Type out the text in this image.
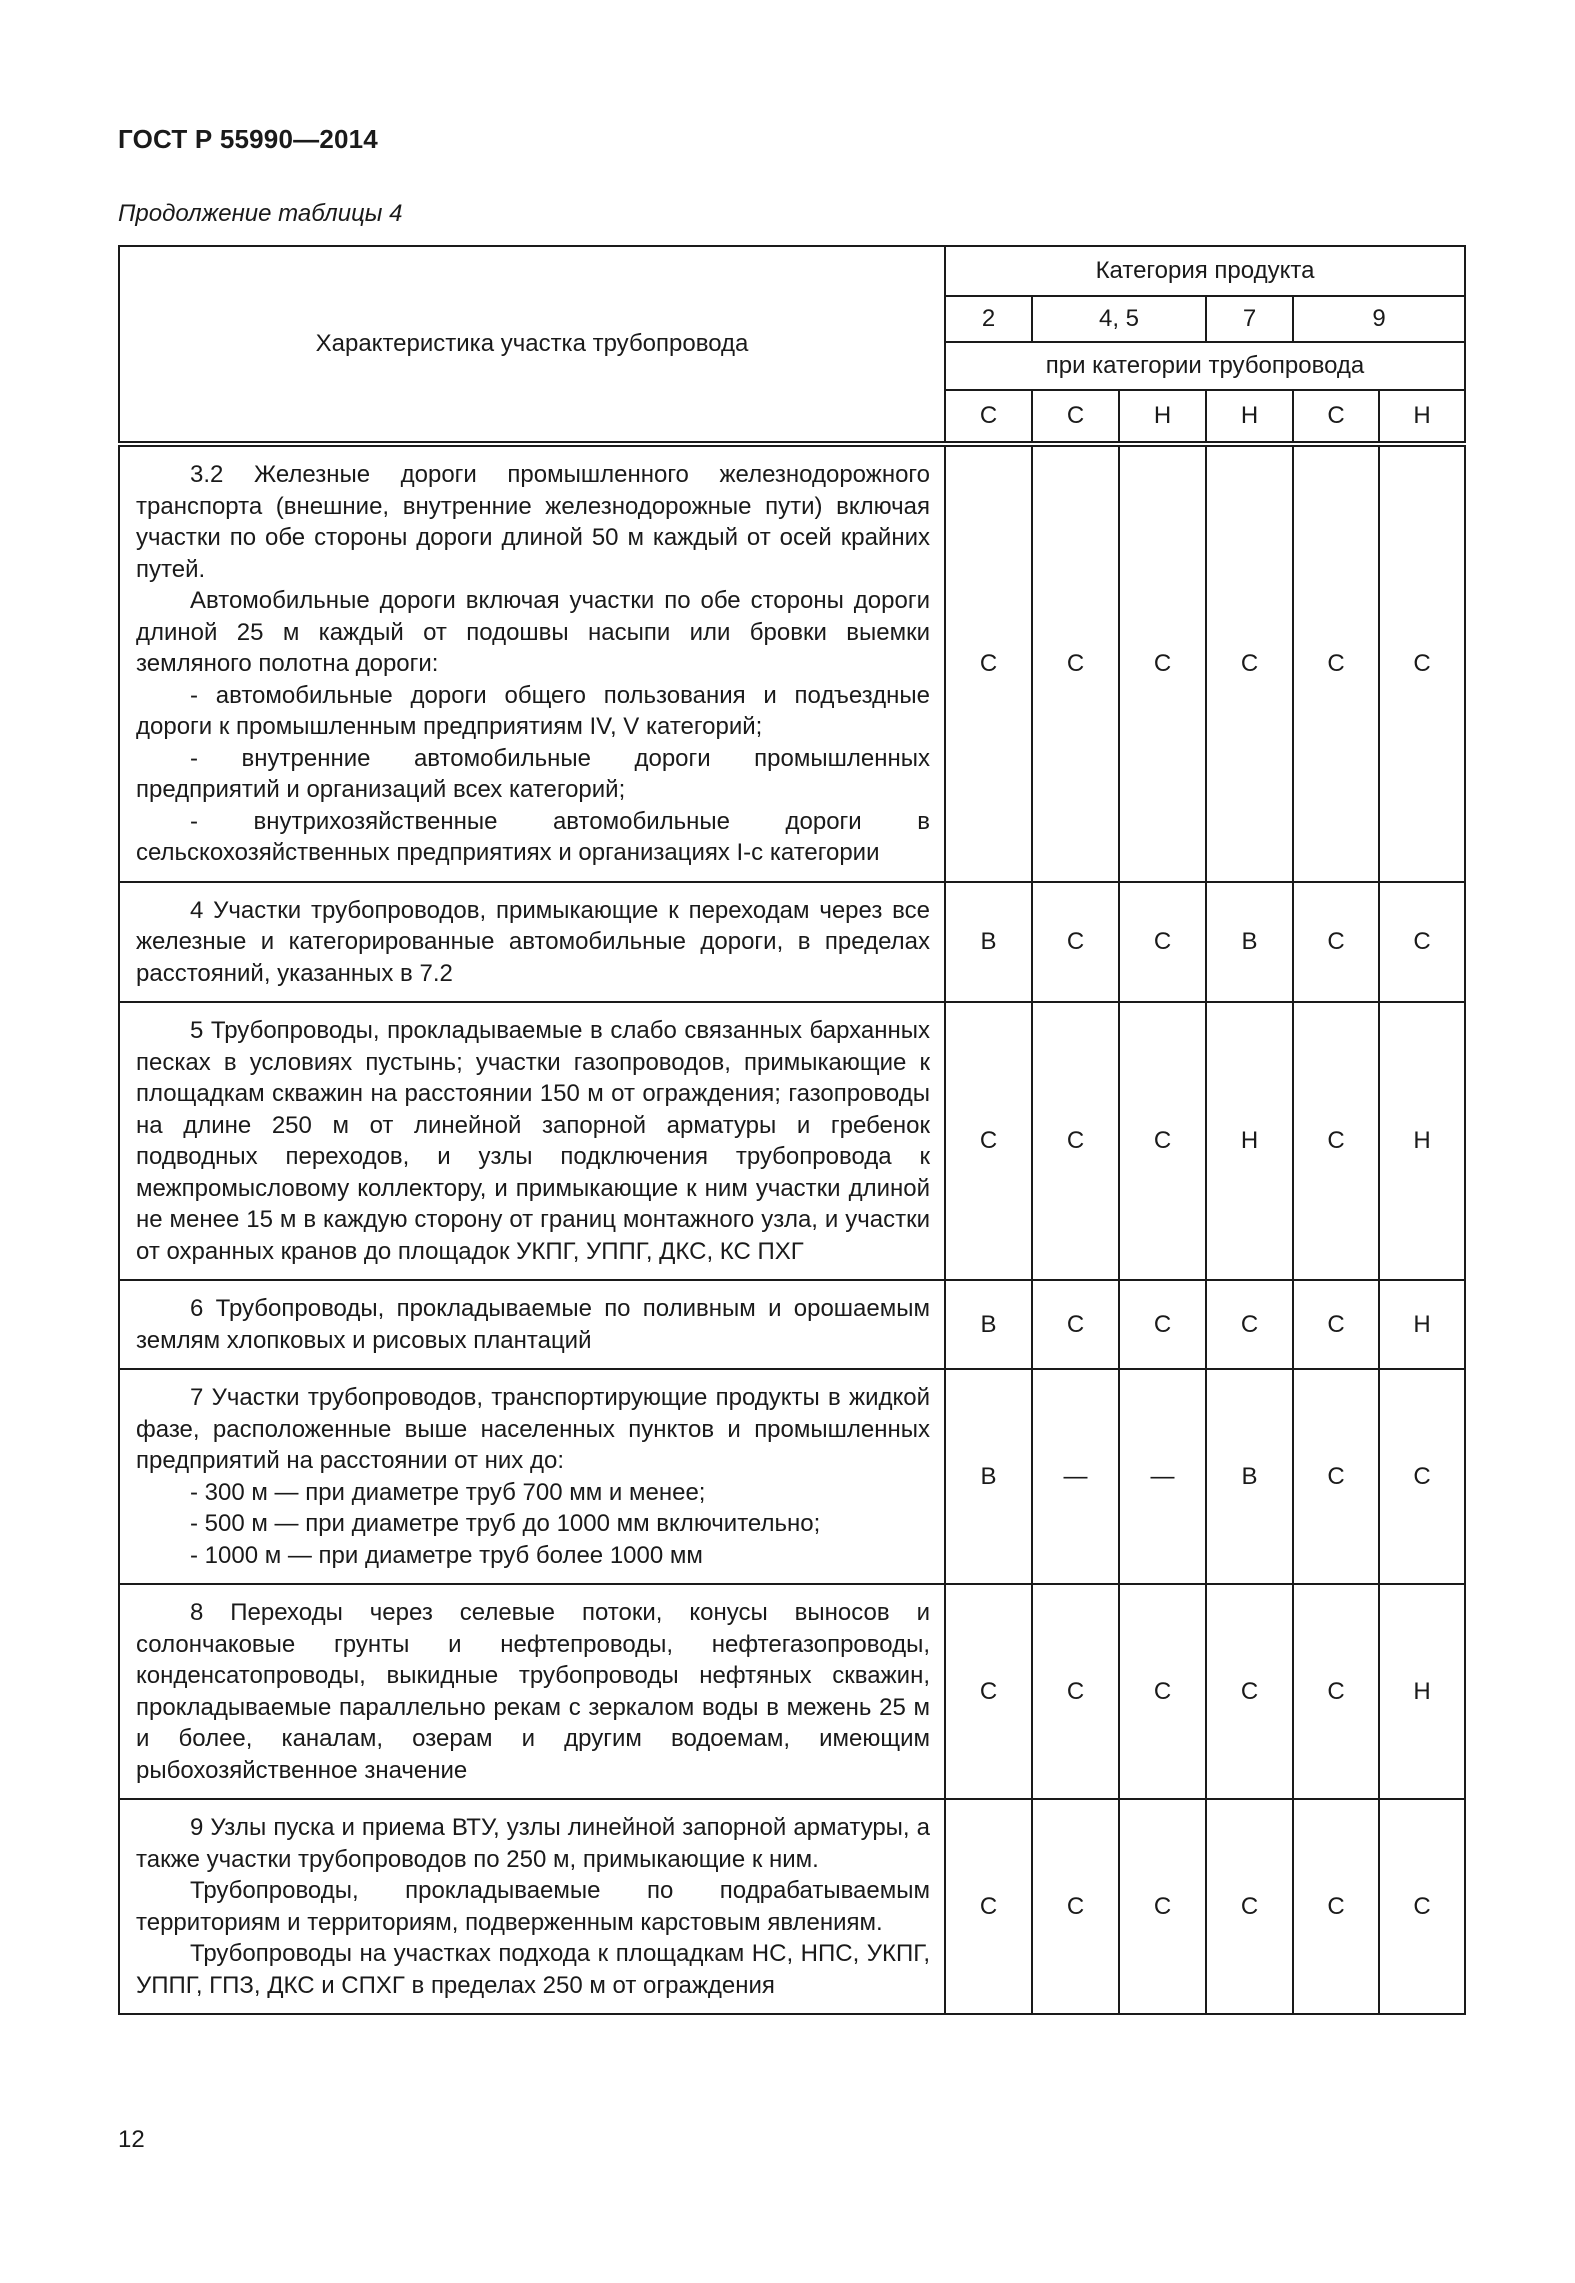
ГОСТ Р 55990—2014
Продолжение таблицы 4
Характеристика участка трубопровода	Категория продукта					
	2	4, 5		7	9	
	при категории трубопровода					
	С	С	Н	Н	С	Н

3.2 Железные дороги промышленного железнодорожного транспорта (внешние, внутренние железнодорожные пути) включая участки по обе стороны дороги длиной 50 м каждый от осей крайних путей.

Автомобильные дороги включая участки по обе стороны дороги длиной 25 м каждый от подошвы насыпи или бровки выемки земляного полотна дороги:

- автомобильные дороги общего пользования и подъездные дороги к промышленным предприятиям IV, V категорий;

- внутренние автомобильные дороги промышленных предприятий и организаций всех категорий;

- внутрихозяйственные автомобильные дороги в сельскохозяйственных предприятиях и организациях I-с категории	С	С	С	С	С	С

4 Участки трубопроводов, примыкающие к переходам через все железные и категорированные автомобильные дороги, в пределах расстояний, указанных в 7.2	В	С	С	В	С	С

5 Трубопроводы, прокладываемые в слабо связанных барханных песках в условиях пустынь; участки газопроводов, примыкающие к площадкам скважин на расстоянии 150 м от ограждения; газопроводы на длине 250 м от линейной запорной арматуры и гребенок подводных переходов, и узлы подключения трубопровода к межпромысловому коллектору, и примыкающие к ним участки длиной не менее 15 м в каждую сторону от границ монтажного узла, и участки от охранных кранов до площадок УКПГ, УППГ, ДКС, КС ПХГ	С	С	С	Н	С	Н

6 Трубопроводы, прокладываемые по поливным и орошаемым землям хлопковых и рисовых плантаций	В	С	С	С	С	Н

7 Участки трубопроводов, транспортирующие продукты в жидкой фазе, расположенные выше населенных пунктов и промышленных предприятий на расстоянии от них до:

- 300 м — при диаметре труб 700 мм и менее;

- 500 м — при диаметре труб до 1000 мм включительно;

- 1000 м — при диаметре труб более 1000 мм	В	—	—	В	С	С

8 Переходы через селевые потоки, конусы выносов и солончаковые грунты и нефтепроводы, нефтегазопроводы, конденсатопроводы, выкидные трубопроводы нефтяных скважин, прокладываемые параллельно рекам с зеркалом воды в межень 25 м и более, каналам, озерам и другим водоемам, имеющим рыбохозяйственное значение	С	С	С	С	С	Н

9 Узлы пуска и приема ВТУ, узлы линейной запорной арматуры, а также участки трубопроводов по 250 м, примыкающие к ним.

Трубопроводы, прокладываемые по подрабатываемым территориям и территориям, подверженным карстовым явлениям.

Трубопроводы на участках подхода к площадкам НС, НПС, УКПГ, УППГ, ГПЗ, ДКС и СПХГ в пределах 250 м от ограждения	С	С	С	С	С	С
12
